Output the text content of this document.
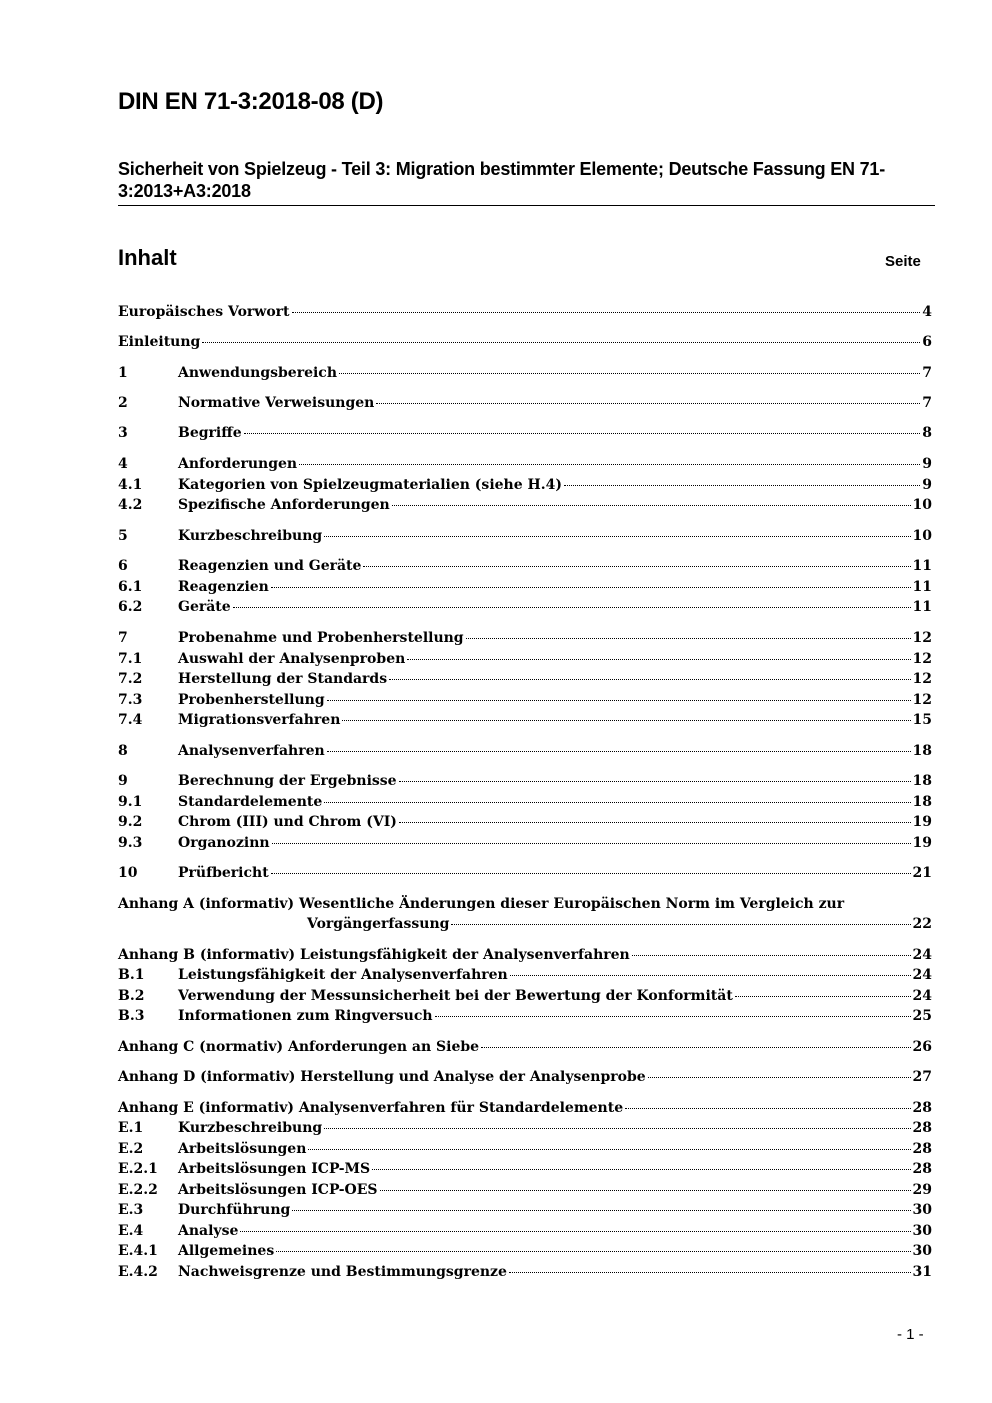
DIN EN 71-3:2018-08 (D)
Sicherheit von Spielzeug - Teil 3: Migration bestimmter Elemente; Deutsche Fassung EN 71-3:2013+A3:2018
Inhalt	Seite
Europäisches Vorwort	4
Einleitung	6
1	Anwendungsbereich	7
2	Normative Verweisungen	7
3	Begriffe	8
4	Anforderungen	9
4.1	Kategorien von Spielzeugmaterialien (siehe H.4)	9
4.2	Spezifische Anforderungen	10
5	Kurzbeschreibung	10
6	Reagenzien und Geräte	11
6.1	Reagenzien	11
6.2	Geräte	11
7	Probenahme und Probenherstellung	12
7.1	Auswahl der Analysenproben	12
7.2	Herstellung der Standards	12
7.3	Probenherstellung	12
7.4	Migrationsverfahren	15
8	Analysenverfahren	18
9	Berechnung der Ergebnisse	18
9.1	Standardelemente	18
9.2	Chrom (III) und Chrom (VI)	19
9.3	Organozinn	19
10	Prüfbericht	21
Anhang A (informativ) Wesentliche Änderungen dieser Europäischen Norm im Vergleich zur
Vorgängerfassung	22
Anhang B (informativ) Leistungsfähigkeit der Analysenverfahren	24
B.1	Leistungsfähigkeit der Analysenverfahren	24
B.2	Verwendung der Messunsicherheit bei der Bewertung der Konformität	24
B.3	Informationen zum Ringversuch	25
Anhang C (normativ) Anforderungen an Siebe	26
Anhang D (informativ) Herstellung und Analyse der Analysenprobe	27
Anhang E (informativ) Analysenverfahren für Standardelemente	28
E.1	Kurzbeschreibung	28
E.2	Arbeitslösungen	28
E.2.1	Arbeitslösungen ICP-MS	28
E.2.2	Arbeitslösungen ICP-OES	29
E.3	Durchführung	30
E.4	Analyse	30
E.4.1	Allgemeines	30
E.4.2	Nachweisgrenze und Bestimmungsgrenze	31
- 1 -
